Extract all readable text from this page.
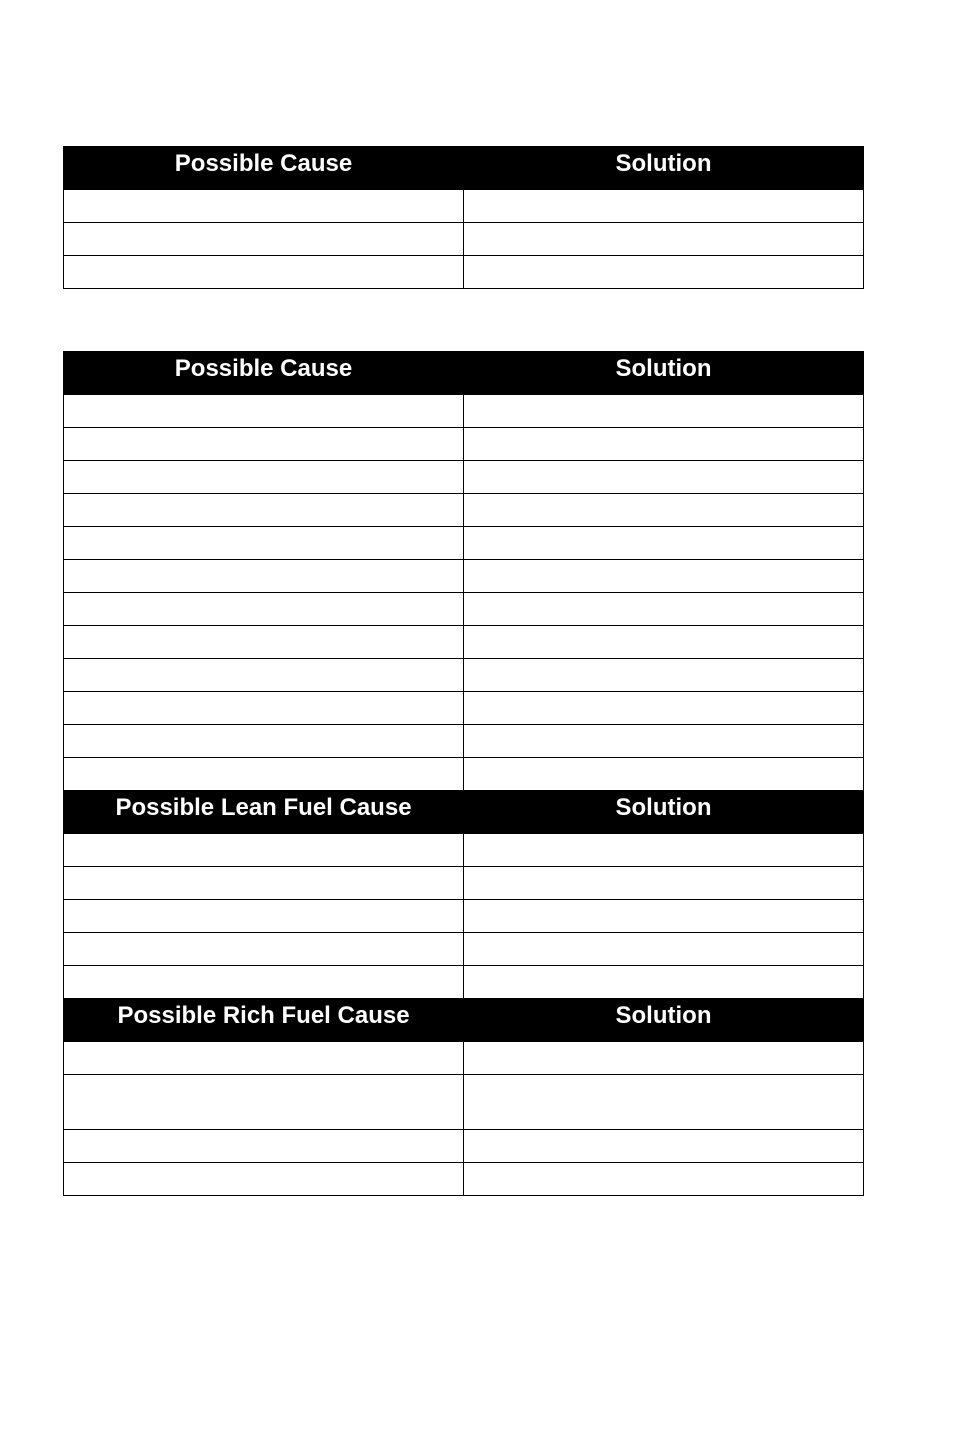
Possible Cause	Solution

Possible Cause	Solution

Possible Lean Fuel Cause	Solution

Possible Rich Fuel Cause	Solution
